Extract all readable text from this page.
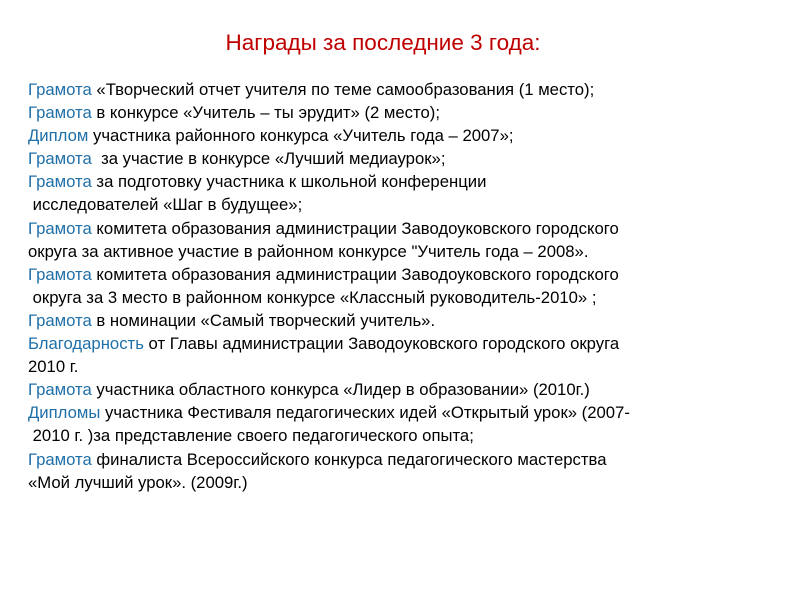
Награды за последние 3 года:
Грамота «Творческий отчет учителя по теме самообразования (1 место);
Грамота в конкурсе «Учитель – ты эрудит» (2 место);
Диплом участника районного конкурса «Учитель года – 2007»;
Грамота  за участие в конкурсе «Лучший медиаурок»;
Грамота за подготовку участника к школьной конференции
исследователей «Шаг в будущее»;
Грамота комитета образования администрации Заводоуковского городского
округа за активное участие в районном конкурсе "Учитель года – 2008».
Грамота комитета образования администрации Заводоуковского городского
округа за 3 место в районном конкурсе «Классный руководитель-2010» ;
Грамота в номинации «Самый творческий учитель».
Благодарность от Главы администрации Заводоуковского городского округа
2010 г.
Грамота участника областного конкурса «Лидер в образовании» (2010г.)
Дипломы участника Фестиваля педагогических идей «Открытый урок» (2007-
2010 г. )за представление своего педагогического опыта;
Грамота финалиста Всероссийского конкурса педагогического мастерства
«Мой лучший урок». (2009г.)
